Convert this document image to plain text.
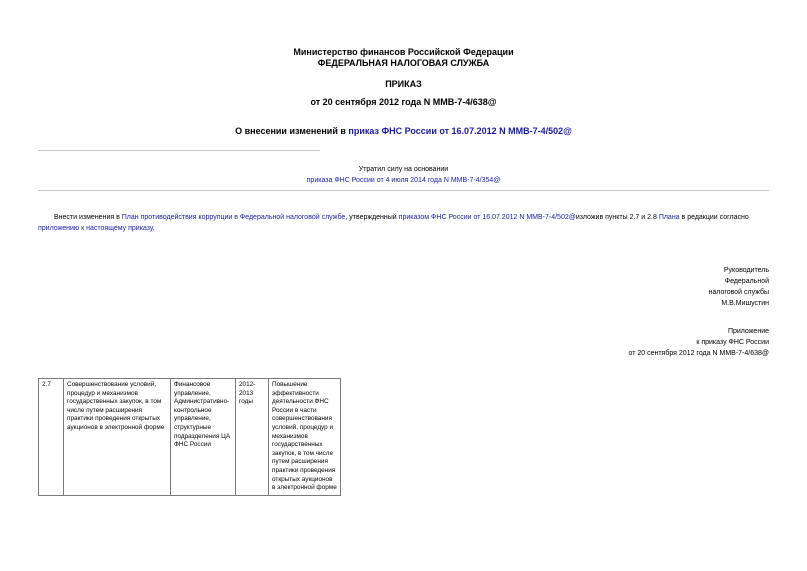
Министерство финансов Российской Федерации
ФЕДЕРАЛЬНАЯ НАЛОГОВАЯ СЛУЖБА
ПРИКАЗ
от 20 сентября 2012 года N ММВ-7-4/638@
О внесении изменений в приказ ФНС России от 16.07.2012 N ММВ-7-4/502@
Утратил силу на основании
приказа ФНС России от 4 июля 2014 года N ММВ-7-4/354@
Внести изменения в План противодействия коррупции в Федеральной налоговой службе, утвержденный приказом ФНС России от 16.07.2012 N ММВ-7-4/502@изложив пункты 2.7 и 2.8 Плана в редакции согласно приложению к настоящему приказу.
Руководитель
Федеральной
налоговой службы
М.В.Мишустин
Приложение
к приказу ФНС России
от 20 сентября 2012 года N ММВ-7-4/638@
2.7	Совершенствование условий, процедур и механизмов государственных закупок, в том числе путем расширения практики проведения открытых аукционов в электронной форме	Финансовое управление, Административно-контрольное управление, структурные подразделения ЦА ФНС России	2012-2013 годы	Повышение эффективности деятельности ФНС России в части совершенствования условий, процедур и механизмов государственных закупок, в том числе путем расширения практики проведения открытых аукционов в электронной форме
